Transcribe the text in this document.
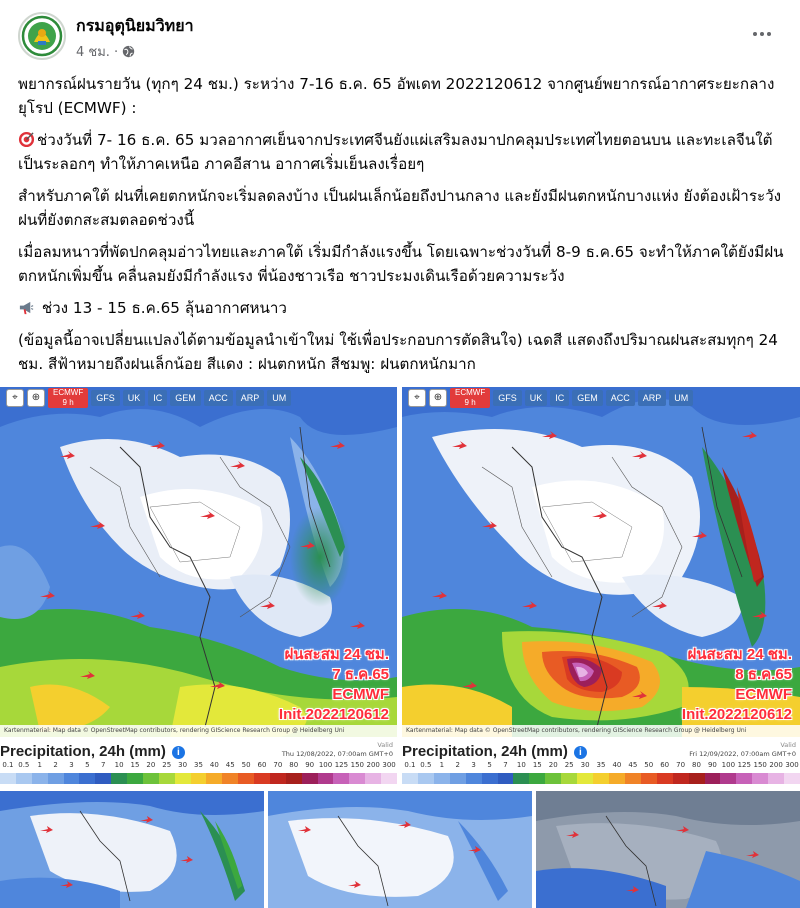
กรมอุตุนิยมวิทยา
4 ชม. ·

พยากรณ์ฝนรายวัน (ทุกๆ 24 ชม.) ระหว่าง 7-16 ธ.ค. 65 อัพเดท 2022120612 จากศูนย์พยากรณ์อากาศระยะกลางยุโรป (ECMWF) :

ช่วงวันที่ 7- 16 ธ.ค. 65 มวลอากาศเย็นจากประเทศจีนยังแผ่เสริมลงมาปกคลุมประเทศไทยตอนบน และทะเลจีนใต้เป็นระลอกๆ ทำให้ภาคเหนือ ภาคอีสาน อากาศเริ่มเย็นลงเรื่อยๆ

สำหรับภาคใต้ ฝนที่เคยตกหนักจะเริ่มลดลงบ้าง เป็นฝนเล็กน้อยถึงปานกลาง และยังมีฝนตกหนักบางแห่ง ยังต้องเฝ้าระวังฝนที่ยังตกสะสมตลอดช่วงนี้

เมื่อลมหนาวที่พัดปกคลุมอ่าวไทยและภาคใต้ เริ่มมีกำลังแรงขึ้น โดยเฉพาะช่วงวันที่ 8-9 ธ.ค.65 จะทำให้ภาคใต้ยังมีฝนตกหนักเพิ่มขึ้น คลื่นลมยังมีกำลังแรง พี่น้องชาวเรือ ชาวประมงเดินเรือด้วยความระวัง

ช่วง 13 - 15 ธ.ค.65 ลุ้นอากาศหนาว

(ข้อมูลนี้อาจเปลี่ยนแปลงได้ตามข้อมูลนำเข้าใหม่ ใช้เพื่อประกอบการตัดสินใจ) เฉดสี แสดงถึงปริมาณฝนสะสมทุกๆ 24 ชม. สีฟ้าหมายถึงฝนเล็กน้อย สีแดง : ฝนตกหนัก สีชมพู: ฝนตกหนักมาก

⌖	⊕	ECMWF
9 h	GFS	UK	IC	GEM	ACC	ARP	UM
ฝนสะสม 24 ชม.
7 ธ.ค.65
ECMWF
Init.2022120612
Kartenmaterial: Map data © OpenStreetMap contributors, rendering GIScience Research Group @ Heidelberg Uni
⌖	⊕	ECMWF
9 h	GFS	UK	IC	GEM	ACC	ARP	UM
ฝนสะสม 24 ชม.
8 ธ.ค.65
ECMWF
Init.2022120612
Kartenmaterial: Map data © OpenStreetMap contributors, rendering GIScience Research Group @ Heidelberg Uni
Precipitation, 24h (mm) i
Valid
Thu 12/08/2022, 07:00am GMT+0
0.1 0.5 1 2 3 5 7 10 15 20 25 30 35 40 45 50 60 70 80 90 100 125 150 200 300
Precipitation, 24h (mm) i
Valid
Fri 12/09/2022, 07:00am GMT+0
0.1 0.5 1 2 3 5 7 10 15 20 25 30 35 40 45 50 60 70 80 90 100 125 150 200 300
